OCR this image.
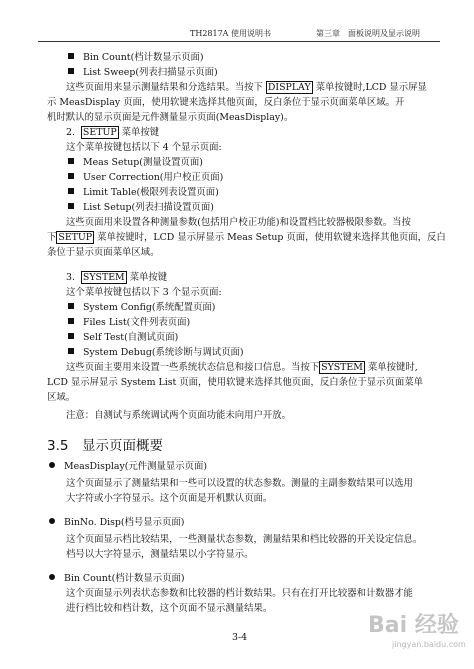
TH2817A 使用说明书	第三章　面板说明及显示说明
Bin Count(档计数显示页面)
List Sweep(列表扫描显示页面)
这些页面用来显示测量结果和分选结果。当按下 DISPLAY 菜单按键时,LCD 显示屏显
示 MeasDisplay 页面，使用软键来选择其他页面，反白条位于显示页面菜单区域。开
机时默认的显示页面是元件测量显示页面(MeasDisplay)。
2. SETUP 菜单按键
这个菜单按键包括以下 4 个显示页面:
Meas Setup(测量设置页面)
User Correction(用户校正页面)
Limit Table(极限列表设置页面)
List Setup(列表扫描设置页面)
这些页面用来设置各种测量参数(包括用户校正功能)和设置档比较器极限参数。当按
下 SETUP 菜单按键时，LCD 显示屏显示 Meas Setup 页面，使用软键来选择其他页面，反白
条位于显示页面菜单区域。
3. SYSTEM 菜单按键
这个菜单按键包括以下 3 个显示页面:
System Config(系统配置页面)
Files List(文件列表页面)
Self Test(自测试页面)
System Debug(系统诊断与调试页面)
这些页面主要用来设置一些系统状态信息和接口信息。当按下 SYSTEM 菜单按键时,
LCD 显示屏显示 System List 页面，使用软键来选择其他页面，反白条位于显示页面菜单
区域。
注意：自测试与系统调试两个页面功能未向用户开放。
3.5　显示页面概要
MeasDisplay(元件测量显示页面)
这个页面显示了测量结果和一些可以设置的状态参数。测量的主副参数结果可以选用
大字符或小字符显示。这个页面是开机默认页面。
BinNo. Disp(档号显示页面)
这个页面显示档比较结果，一些测量状态参数，测量结果和档比较器的开关设定信息。
档号以大字符显示，测量结果以小字符显示。
Bin Count(档计数显示页面)
这个页面显示列表状态参数和比较器的档计数结果。只有在打开比较器和计数器才能
进行档比较和档计数，这个页面不显示测量结果。
3-4	Bai 经验
jingyan.baidu.com
